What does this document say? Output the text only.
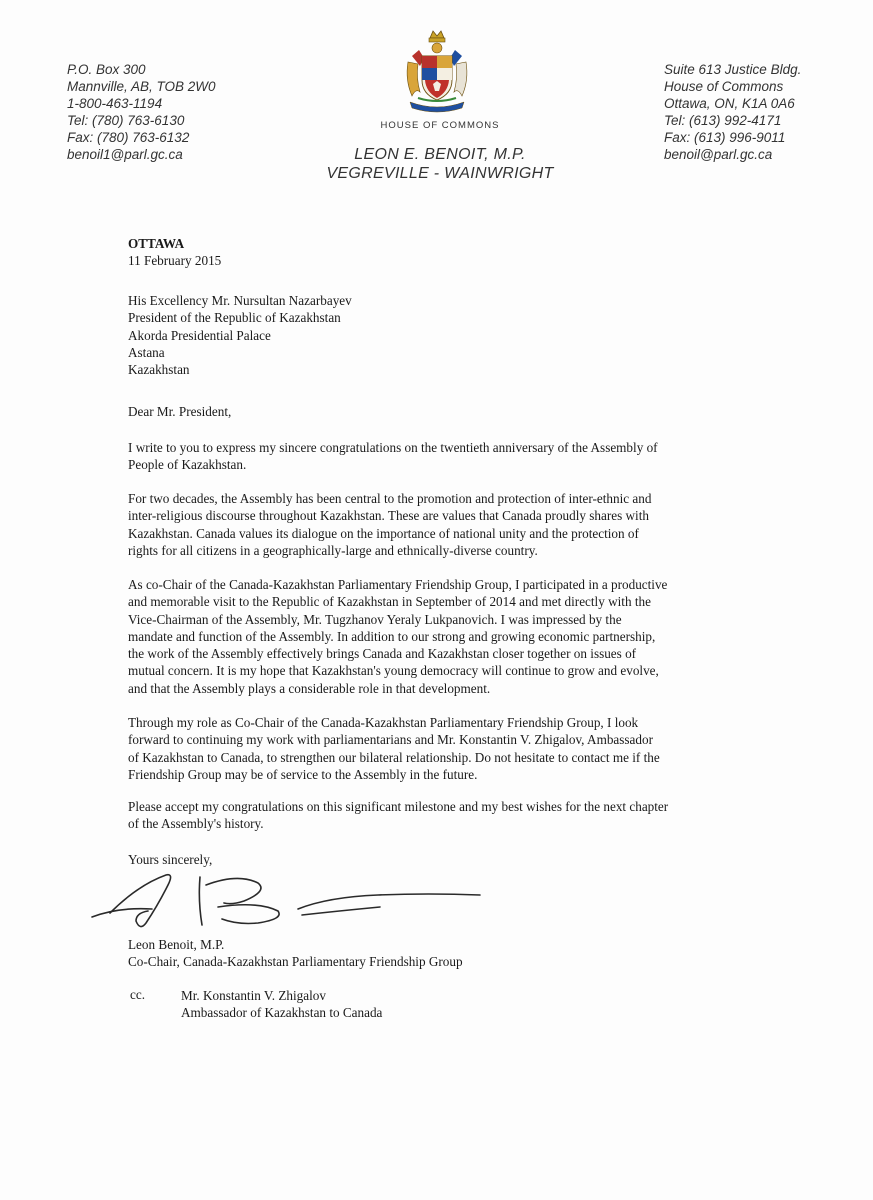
P.O. Box 300
Mannville, AB, TOB 2W0
1-800-463-1194
Tel: (780) 763-6130
Fax: (780) 763-6132
benoil1@parl.gc.ca
HOUSE OF COMMONS
LEON E. BENOIT, M.P.
VEGREVILLE - WAINWRIGHT
Suite 613 Justice Bldg.
House of Commons
Ottawa, ON, K1A 0A6
Tel: (613) 992-4171
Fax: (613) 996-9011
benoil@parl.gc.ca
OTTAWA
11 February 2015
His Excellency Mr. Nursultan Nazarbayev
President of the Republic of Kazakhstan
Akorda Presidential Palace
Astana
Kazakhstan
Dear Mr. President,
I write to you to express my sincere congratulations on the twentieth anniversary of the Assembly of
People of Kazakhstan.
For two decades, the Assembly has been central to the promotion and protection of inter-ethnic and
inter-religious discourse throughout Kazakhstan. These are values that Canada proudly shares with
Kazakhstan. Canada values its dialogue on the importance of national unity and the protection of
rights for all citizens in a geographically-large and ethnically-diverse country.
As co-Chair of the Canada-Kazakhstan Parliamentary Friendship Group, I participated in a productive
and memorable visit to the Republic of Kazakhstan in September of 2014 and met directly with the
Vice-Chairman of the Assembly, Mr. Tugzhanov Yeraly Lukpanovich. I was impressed by the
mandate and function of the Assembly. In addition to our strong and growing economic partnership,
the work of the Assembly effectively brings Canada and Kazakhstan closer together on issues of
mutual concern. It is my hope that Kazakhstan's young democracy will continue to grow and evolve,
and that the Assembly plays a considerable role in that development.
Through my role as Co-Chair of the Canada-Kazakhstan Parliamentary Friendship Group, I look
forward to continuing my work with parliamentarians and Mr. Konstantin V. Zhigalov, Ambassador
of Kazakhstan to Canada, to strengthen our bilateral relationship. Do not hesitate to contact me if the
Friendship Group may be of service to the Assembly in the future.
Please accept my congratulations on this significant milestone and my best wishes for the next chapter
of the Assembly's history.
Yours sincerely,
Leon Benoit, M.P.
Co-Chair, Canada-Kazakhstan Parliamentary Friendship Group
cc.	Mr. Konstantin V. Zhigalov
Ambassador of Kazakhstan to Canada
